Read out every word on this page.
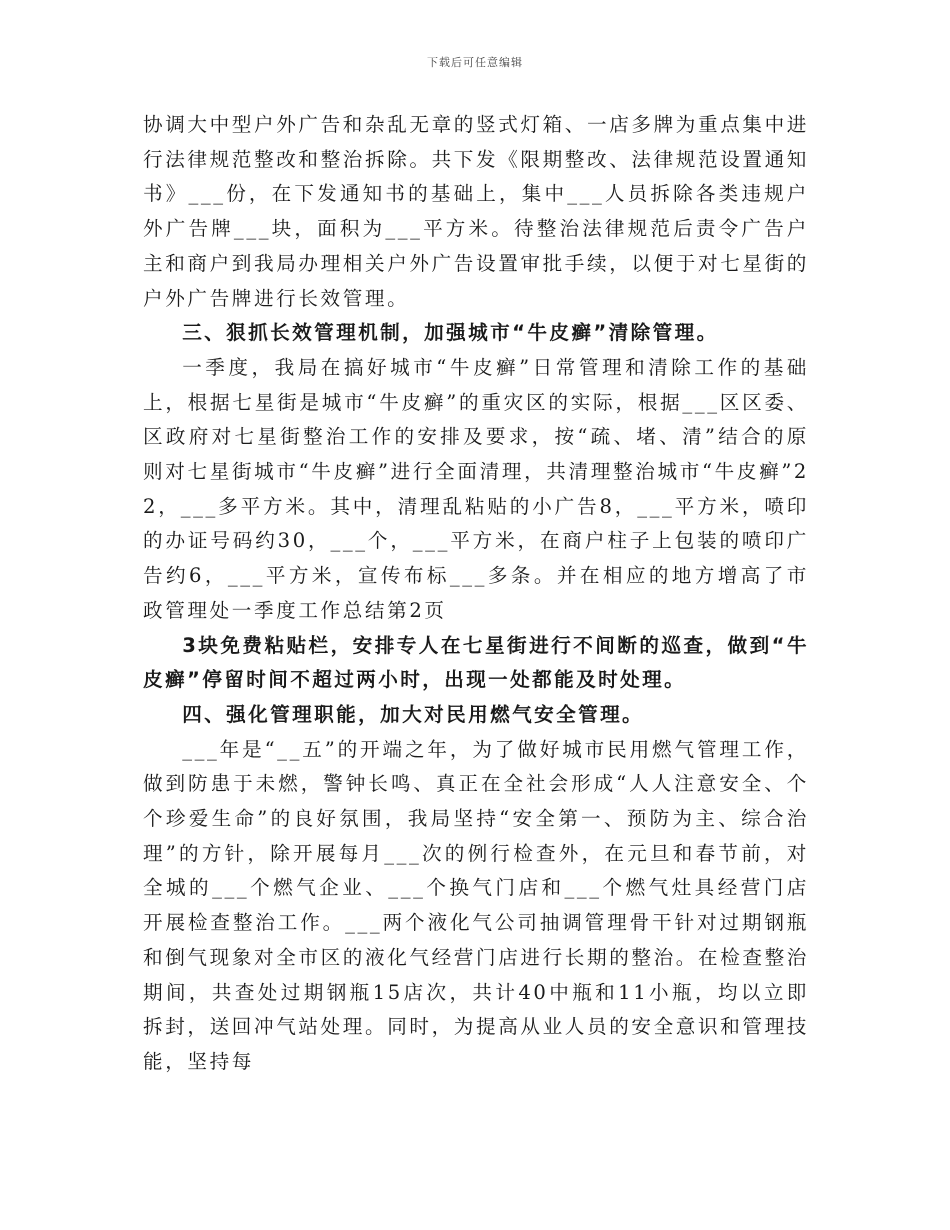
下载后可任意编辑

协调大中型户外广告和杂乱无章的竖式灯箱、一店多牌为重点集中进行法律规范整改和整治拆除。共下发《限期整改、法律规范设置通知书》___份，在下发通知书的基础上，集中___人员拆除各类违规户外广告牌___块，面积为___平方米。待整治法律规范后责令广告户主和商户到我局办理相关户外广告设置审批手续，以便于对七星街的户外广告牌进行长效管理。

三、狠抓长效管理机制，加强城市“牛皮癣”清除管理。

一季度，我局在搞好城市“牛皮癣”日常管理和清除工作的基础上，根据七星街是城市“牛皮癣”的重灾区的实际，根据___区区委、区政府对七星街整治工作的安排及要求，按“疏、堵、清”结合的原则对七星街城市“牛皮癣”进行全面清理，共清理整治城市“牛皮癣”22，___多平方米。其中，清理乱粘贴的小广告8，___平方米，喷印的办证号码约30，___个，___平方米，在商户柱子上包装的喷印广告约6，___平方米，宣传布标___多条。并在相应的地方增高了市政管理处一季度工作总结第2页

3块免费粘贴栏，安排专人在七星街进行不间断的巡查，做到“牛皮癣”停留时间不超过两小时，出现一处都能及时处理。

四、强化管理职能，加大对民用燃气安全管理。

___年是“__五”的开端之年，为了做好城市民用燃气管理工作，做到防患于未燃，警钟长鸣、真正在全社会形成“人人注意安全、个个珍爱生命”的良好氛围，我局坚持“安全第一、预防为主、综合治理”的方针，除开展每月___次的例行检查外，在元旦和春节前，对全城的___个燃气企业、___个换气门店和___个燃气灶具经营门店开展检查整治工作。___两个液化气公司抽调管理骨干针对过期钢瓶和倒气现象对全市区的液化气经营门店进行长期的整治。在检查整治期间，共查处过期钢瓶15店次，共计40中瓶和11小瓶，均以立即拆封，送回冲气站处理。同时，为提高从业人员的安全意识和管理技能，坚持每
